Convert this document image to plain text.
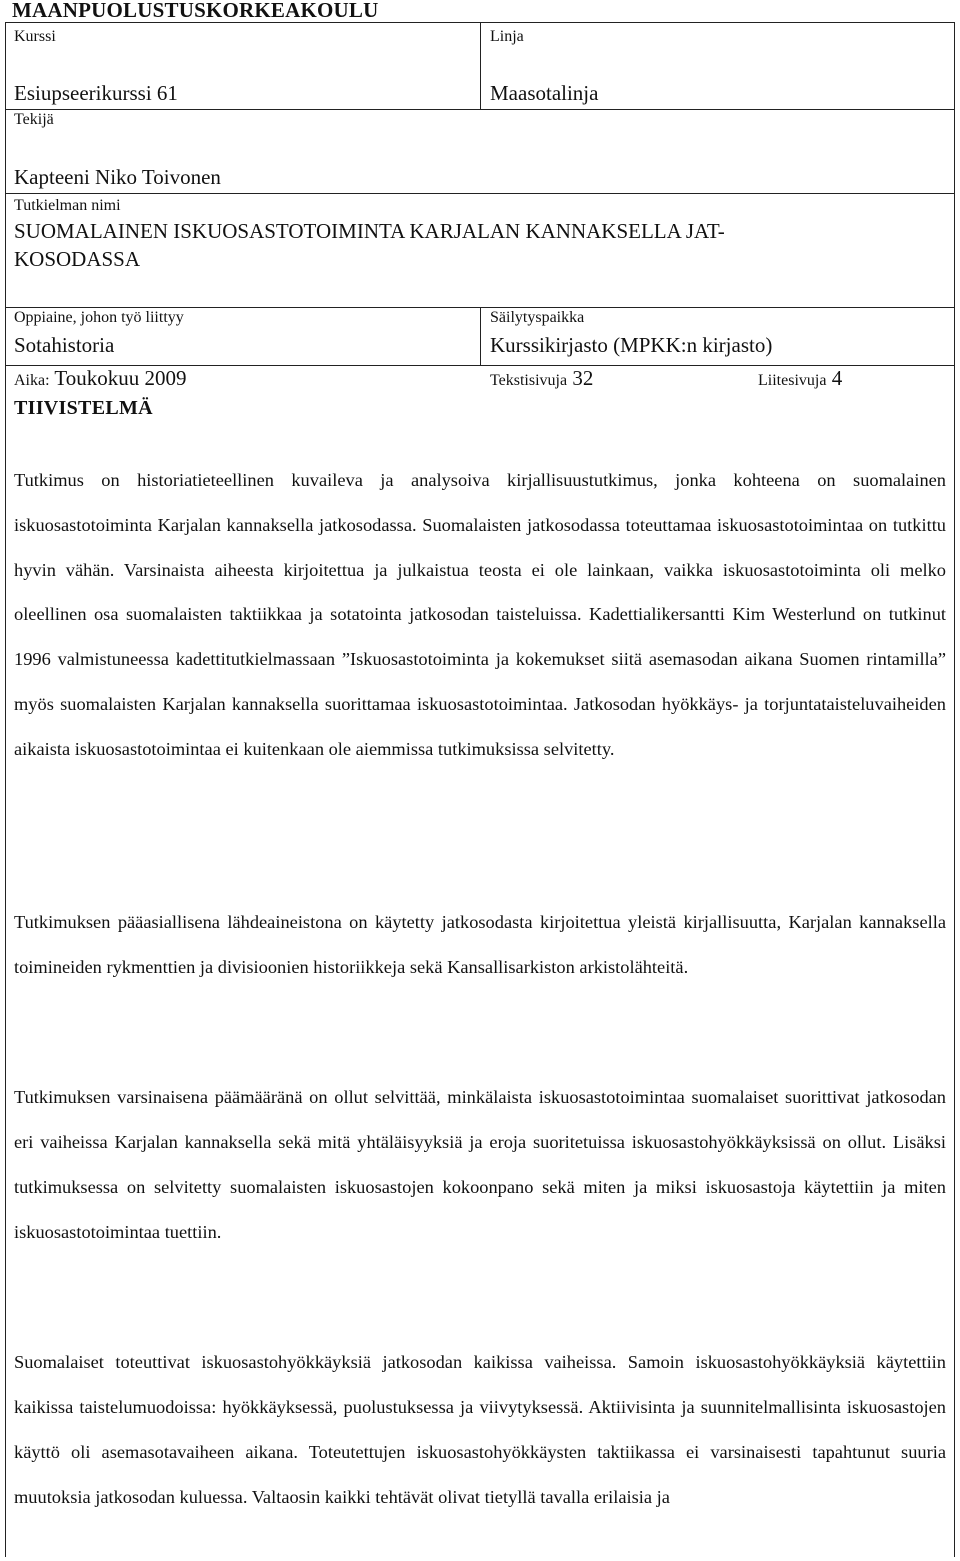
MAANPUOLUSTUSKORKEAKOULU
Kurssi
Esiupseerikurssi 61
Linja
Maasotalinja
Tekijä
Kapteeni Niko Toivonen
Tutkielman nimi
SUOMALAINEN ISKUOSASTOTOIMINTA KARJALAN KANNAKSELLA JAT-
KOSODASSA
Oppiaine, johon työ liittyy
Sotahistoria
Säilytyspaikka
Kurssikirjasto (MPKK:n kirjasto)
Aika: Toukokuu 2009	Tekstisivuja 32	Liitesivuja 4
TIIVISTELMÄ

Tutkimus on historiatieteellinen kuvaileva ja analysoiva kirjallisuustutkimus, jonka kohteena on suomalainen iskuosastotoiminta Karjalan kannaksella jatkosodassa. Suomalaisten jatkosodassa toteuttamaa iskuosastotoimintaa on tutkittu hyvin vähän. Varsinaista aiheesta kirjoitettua ja julkaistua teosta ei ole lainkaan, vaikka iskuosastotoiminta oli melko oleellinen osa suomalaisten taktiikkaa ja sotatointa jatkosodan taisteluissa. Kadettialikersantti Kim Westerlund on tutkinut 1996 valmistuneessa kadettitutkielmassaan ”Iskuosastotoiminta ja kokemukset siitä asemasodan aikana Suomen rintamilla” myös suomalaisten Karjalan kannaksella suorittamaa iskuosastotoimintaa. Jatkosodan hyökkäys- ja torjuntataisteluvaiheiden aikaista iskuosastotoimintaa ei kuitenkaan ole aiemmissa tutkimuksissa selvitetty.

Tutkimuksen pääasiallisena lähdeaineistona on käytetty jatkosodasta kirjoitettua yleistä kirjallisuutta, Karjalan kannaksella toimineiden rykmenttien ja divisioonien historiikkeja sekä Kansallisarkiston arkistolähteitä.

Tutkimuksen varsinaisena päämääränä on ollut selvittää, minkälaista iskuosastotoimintaa suomalaiset suorittivat jatkosodan eri vaiheissa Karjalan kannaksella sekä mitä yhtäläisyyksiä ja eroja suoritetuissa iskuosastohyökkäyksissä on ollut. Lisäksi tutkimuksessa on selvitetty suomalaisten iskuosastojen kokoonpano sekä miten ja miksi iskuosastoja käytettiin ja miten iskuosastotoimintaa tuettiin.

Suomalaiset toteuttivat iskuosastohyökkäyksiä jatkosodan kaikissa vaiheissa. Samoin iskuosastohyökkäyksiä käytettiin kaikissa taistelumuodoissa: hyökkäyksessä, puolustuksessa ja viivytyksessä. Aktiivisinta ja suunnitelmallisinta iskuosastojen käyttö oli asemasotavaiheen aikana. Toteutettujen iskuosastohyökkäysten taktiikassa ei varsinaisesti tapahtunut suuria muutoksia jatkosodan kuluessa. Valtaosin kaikki tehtävät olivat tietyllä tavalla erilaisia ja
